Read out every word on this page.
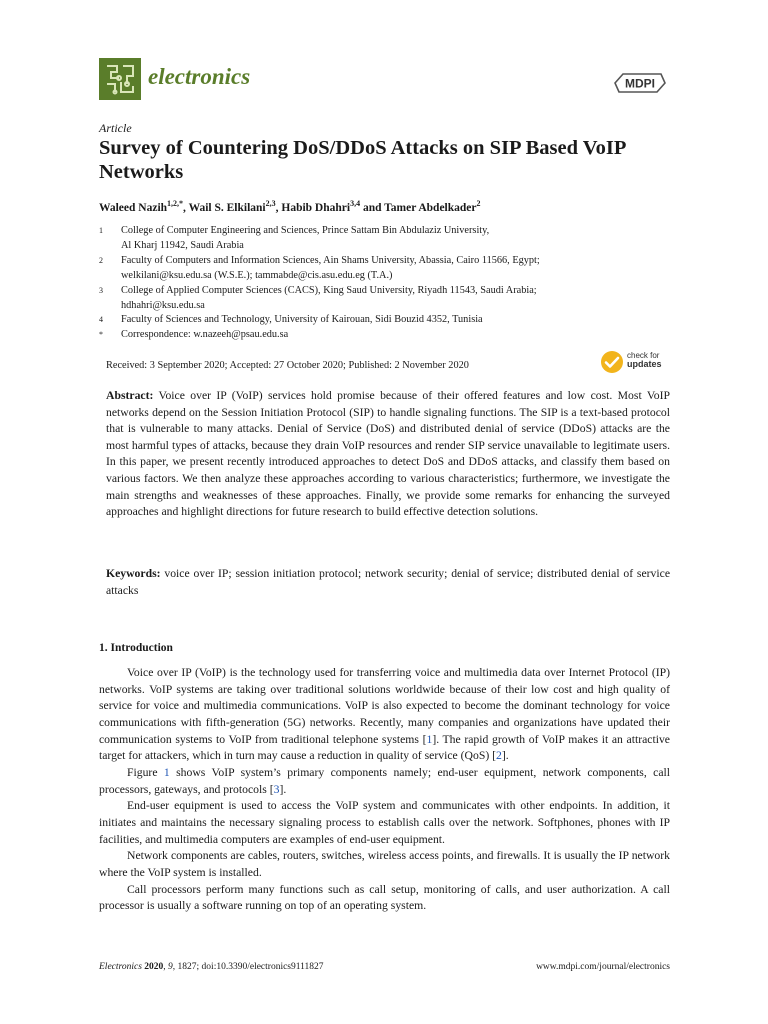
electronics	MDPI
Article
Survey of Countering DoS/DDoS Attacks on SIP Based VoIP Networks
Waleed Nazih$^{1,2,*}$, Wail S. Elkilani$^{2,3}$, Habib Dhahri$^{3,4}$ and Tamer Abdelkader$^2$
1	College of Computer Engineering and Sciences, Prince Sattam Bin Abdulaziz University,
Al Kharj 11942, Saudi Arabia
2	Faculty of Computers and Information Sciences, Ain Shams University, Abassia, Cairo 11566, Egypt;
welkilani@ksu.edu.sa (W.S.E.); tammabde@cis.asu.edu.eg (T.A.)
3	College of Applied Computer Sciences (CACS), King Saud University, Riyadh 11543, Saudi Arabia;
hdhahri@ksu.edu.sa
4	Faculty of Sciences and Technology, University of Kairouan, Sidi Bouzid 4352, Tunisia
*	Correspondence: w.nazeeh@psau.edu.sa
Received: 3 September 2020; Accepted: 27 October 2020; Published: 2 November 2020
check for
updates
Abstract: Voice over IP (VoIP) services hold promise because of their offered features and low cost. Most VoIP networks depend on the Session Initiation Protocol (SIP) to handle signaling functions. The SIP is a text-based protocol that is vulnerable to many attacks. Denial of Service (DoS) and distributed denial of service (DDoS) attacks are the most harmful types of attacks, because they drain VoIP resources and render SIP service unavailable to legitimate users. In this paper, we present recently introduced approaches to detect DoS and DDoS attacks, and classify them based on various factors. We then analyze these approaches according to various characteristics; furthermore, we investigate the main strengths and weaknesses of these approaches. Finally, we provide some remarks for enhancing the surveyed approaches and highlight directions for future research to build effective detection solutions.
Keywords: voice over IP; session initiation protocol; network security; denial of service; distributed denial of service attacks
1. Introduction

Voice over IP (VoIP) is the technology used for transferring voice and multimedia data over Internet Protocol (IP) networks. VoIP systems are taking over traditional solutions worldwide because of their low cost and high quality of service for voice and multimedia communications. VoIP is also expected to become the dominant technology for voice communications with fifth-generation (5G) networks. Recently, many companies and organizations have updated their communication systems to VoIP from traditional telephone systems [1]. The rapid growth of VoIP makes it an attractive target for attackers, which in turn may cause a reduction in quality of service (QoS) [2].

Figure 1 shows VoIP system’s primary components namely; end-user equipment, network components, call processors, gateways, and protocols [3].

End-user equipment is used to access the VoIP system and communicates with other endpoints. In addition, it initiates and maintains the necessary signaling process to establish calls over the network. Softphones, phones with IP facilities, and multimedia computers are examples of end-user equipment.

Network components are cables, routers, switches, wireless access points, and firewalls. It is usually the IP network where the VoIP system is installed.

Call processors perform many functions such as call setup, monitoring of calls, and user authorization. A call processor is usually a software running on top of an operating system.

Electronics 2020, 9, 1827; doi:10.3390/electronics9111827	www.mdpi.com/journal/electronics
